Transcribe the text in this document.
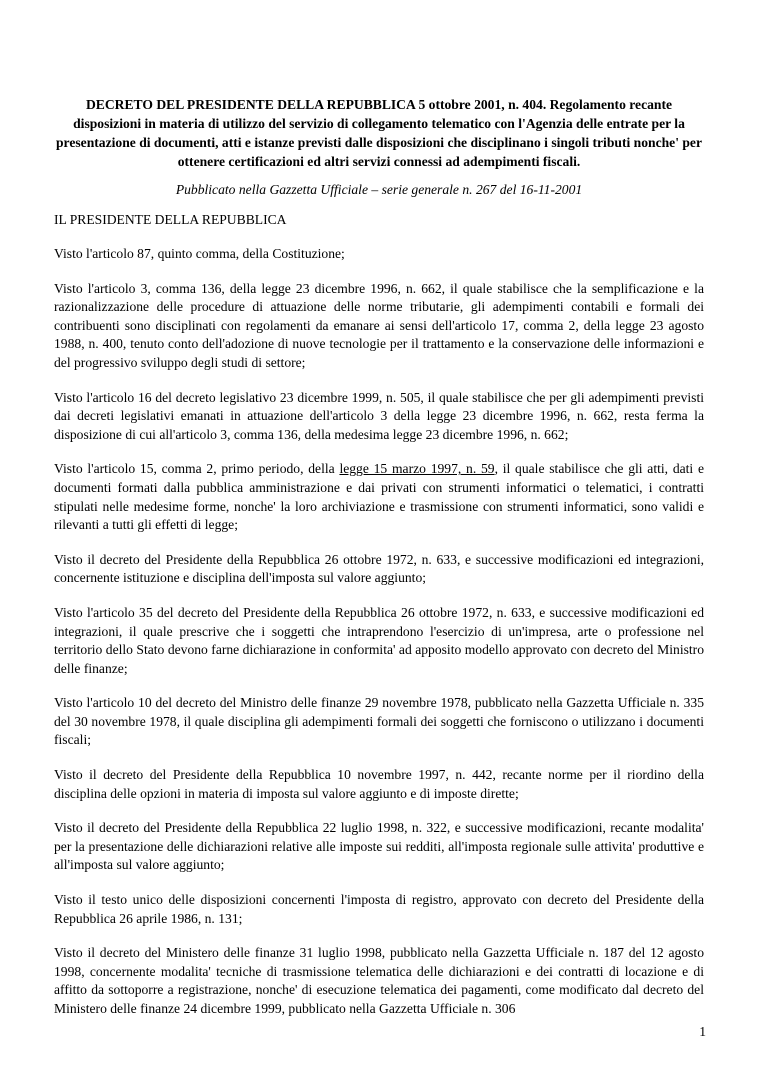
DECRETO DEL PRESIDENTE DELLA REPUBBLICA 5 ottobre 2001, n. 404. Regolamento recante disposizioni in materia di utilizzo del servizio di collegamento telematico con l'Agenzia delle entrate per la presentazione di documenti, atti e istanze previsti dalle disposizioni che disciplinano i singoli tributi nonche' per ottenere certificazioni ed altri servizi connessi ad adempimenti fiscali.

Pubblicato nella Gazzetta Ufficiale – serie generale n. 267 del 16-11-2001

IL PRESIDENTE DELLA REPUBBLICA

Visto l'articolo 87, quinto comma, della Costituzione;

Visto l'articolo 3, comma 136, della legge 23 dicembre 1996, n. 662, il quale stabilisce che la semplificazione e la razionalizzazione delle procedure di attuazione delle norme tributarie, gli adempimenti contabili e formali dei contribuenti sono disciplinati con regolamenti da emanare ai sensi dell'articolo 17, comma 2, della legge 23 agosto 1988, n. 400, tenuto conto dell'adozione di nuove tecnologie per il trattamento e la conservazione delle informazioni e del progressivo sviluppo degli studi di settore;

Visto l'articolo 16 del decreto legislativo 23 dicembre 1999, n. 505, il quale stabilisce che per gli adempimenti previsti dai decreti legislativi emanati in attuazione dell'articolo 3 della legge 23 dicembre 1996, n. 662, resta ferma la disposizione di cui all'articolo 3, comma 136, della medesima legge 23 dicembre 1996, n. 662;

Visto l'articolo 15, comma 2, primo periodo, della legge 15 marzo 1997, n. 59, il quale stabilisce che gli atti, dati e documenti formati dalla pubblica amministrazione e dai privati con strumenti informatici o telematici, i contratti stipulati nelle medesime forme, nonche' la loro archiviazione e trasmissione con strumenti informatici, sono validi e rilevanti a tutti gli effetti di legge;

Visto il decreto del Presidente della Repubblica 26 ottobre 1972, n. 633, e successive modificazioni ed integrazioni, concernente istituzione e disciplina dell'imposta sul valore aggiunto;

Visto l'articolo 35 del decreto del Presidente della Repubblica 26 ottobre 1972, n. 633, e successive modificazioni ed integrazioni, il quale prescrive che i soggetti che intraprendono l'esercizio di un'impresa, arte o professione nel territorio dello Stato devono farne dichiarazione in conformita' ad apposito modello approvato con decreto del Ministro delle finanze;

Visto l'articolo 10 del decreto del Ministro delle finanze 29 novembre 1978, pubblicato nella Gazzetta Ufficiale n. 335 del 30 novembre 1978, il quale disciplina gli adempimenti formali dei soggetti che forniscono o utilizzano i documenti fiscali;

Visto il decreto del Presidente della Repubblica 10 novembre 1997, n. 442, recante norme per il riordino della disciplina delle opzioni in materia di imposta sul valore aggiunto e di imposte dirette;

Visto il decreto del Presidente della Repubblica 22 luglio 1998, n. 322, e successive modificazioni, recante modalita' per la presentazione delle dichiarazioni relative alle imposte sui redditi, all'imposta regionale sulle attivita' produttive e all'imposta sul valore aggiunto;

Visto il testo unico delle disposizioni concernenti l'imposta di registro, approvato con decreto del Presidente della Repubblica 26 aprile 1986, n. 131;

Visto il decreto del Ministero delle finanze 31 luglio 1998, pubblicato nella Gazzetta Ufficiale n. 187 del 12 agosto 1998, concernente modalita' tecniche di trasmissione telematica delle dichiarazioni e dei contratti di locazione e di affitto da sottoporre a registrazione, nonche' di esecuzione telematica dei pagamenti, come modificato dal decreto del Ministero delle finanze 24 dicembre 1999, pubblicato nella Gazzetta Ufficiale n. 306

1
